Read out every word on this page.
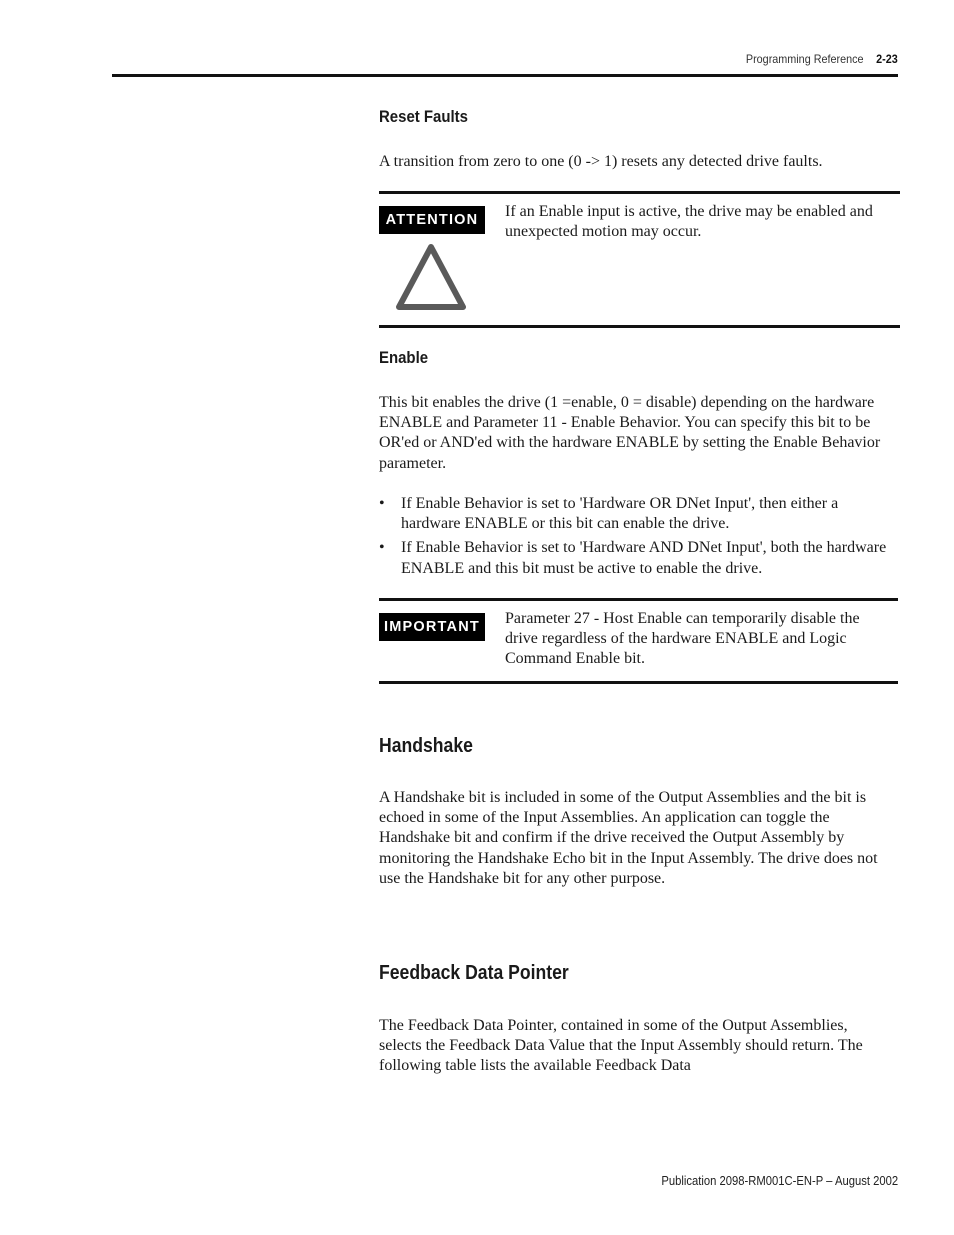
Programming Reference 2-23
Reset Faults
A transition from zero to one (0 -> 1) resets any detected drive faults.
ATTENTION	If an Enable input is active, the drive may be enabled and unexpected motion may occur.
Enable
This bit enables the drive (1 =enable, 0 = disable) depending on the hardware ENABLE and Parameter 11 - Enable Behavior. You can specify this bit to be OR'ed or AND'ed with the hardware ENABLE by setting the Enable Behavior parameter.
• If Enable Behavior is set to 'Hardware OR DNet Input', then either a hardware ENABLE or this bit can enable the drive.
• If Enable Behavior is set to 'Hardware AND DNet Input', both the hardware ENABLE and this bit must be active to enable the drive.
IMPORTANT	Parameter 27 - Host Enable can temporarily disable the drive regardless of the hardware ENABLE and Logic Command Enable bit.
Handshake
A Handshake bit is included in some of the Output Assemblies and the bit is echoed in some of the Input Assemblies. An application can toggle the Handshake bit and confirm if the drive received the Output Assembly by monitoring the Handshake Echo bit in the Input Assembly. The drive does not use the Handshake bit for any other purpose.
Feedback Data Pointer
The Feedback Data Pointer, contained in some of the Output Assemblies, selects the Feedback Data Value that the Input Assembly should return. The following table lists the available Feedback Data
Publication 2098-RM001C-EN-P – August 2002
